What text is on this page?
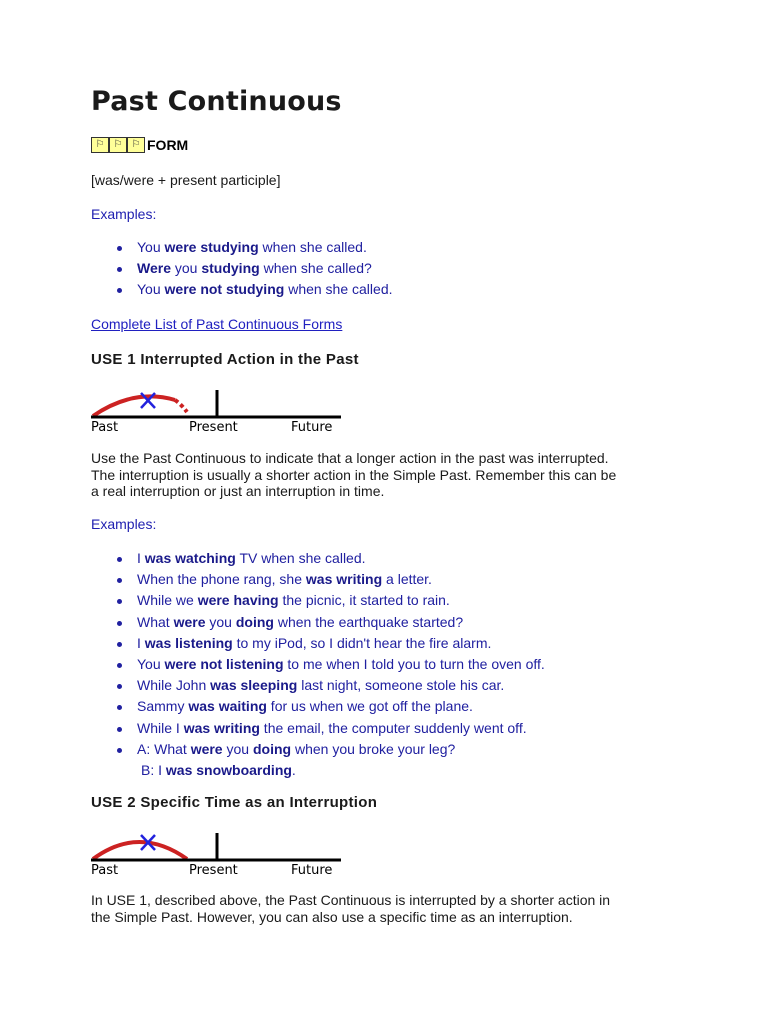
Past Continuous
⚐ ⚐ ⚐ FORM

[was/were + present participle]

Examples:

You were studying when she called.
Were you studying when she called?
You were not studying when she called.
Complete List of Past Continuous Forms
USE 1 Interrupted Action in the Past
Past	Present	Future
Use the Past Continuous to indicate that a longer action in the past was interrupted.
The interruption is usually a shorter action in the Simple Past. Remember this can be
a real interruption or just an interruption in time.

Examples:

I was watching TV when she called.
When the phone rang, she was writing a letter.
While we were having the picnic, it started to rain.
What were you doing when the earthquake started?
I was listening to my iPod, so I didn't hear the fire alarm.
You were not listening to me when I told you to turn the oven off.
While John was sleeping last night, someone stole his car.
Sammy was waiting for us when we got off the plane.
While I was writing the email, the computer suddenly went off.
A: What were you doing when you broke your leg?
B: I was snowboarding.
USE 2 Specific Time as an Interruption
Past	Present	Future
In USE 1, described above, the Past Continuous is interrupted by a shorter action in
the Simple Past. However, you can also use a specific time as an interruption.
